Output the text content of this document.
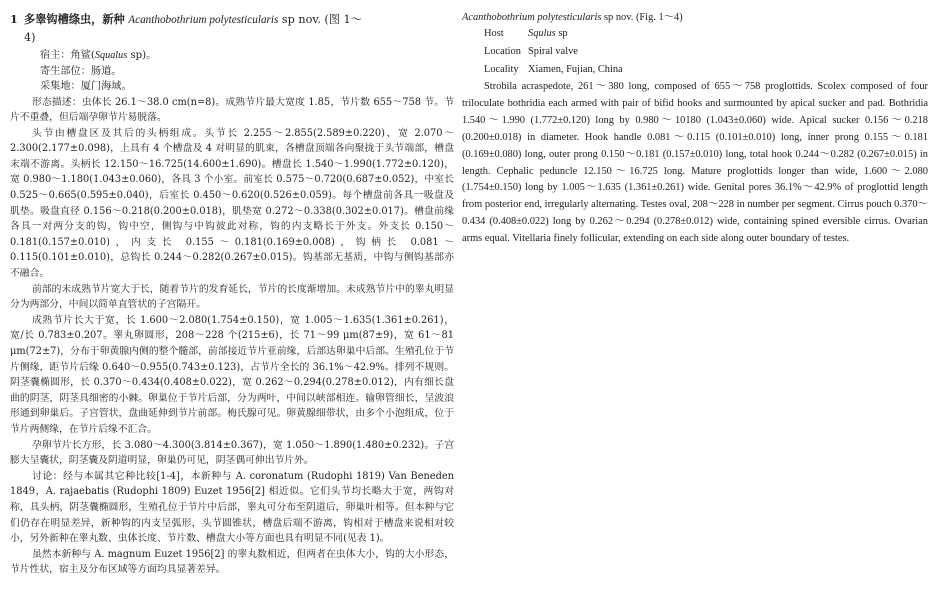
1 多睾钩槽绦虫，新种 Acanthobothrium polytesticularis sp nov. (图 1～
4)
宿主：角鲨(Squalus sp)。
寄生部位：肠道。
采集地：厦门海域。

形态描述：虫体长 26.1～38.0 cm(n=8)。成熟节片最大宽度 1.85，节片数 655～758 节。节片不重叠，但后端孕卵节片易脱落。

头节由槽盘区及其后的头柄组成。头节长 2.255～2.855(2.589±0.220)，宽 2.070～2.300(2.177±0.098)，上具有 4 个槽盘及 4 对明显的肌束，各槽盘顶端各向聚拢于头节端部，槽盘末端不游离。头柄长 12.150～16.725(14.600±1.690)。槽盘长 1.540～1.990(1.772±0.120)，宽 0.980～1.180(1.043±0.060)，各具 3 个小室。前室长 0.575～0.720(0.687±0.052)，中室长 0.525～0.665(0.595±0.040)，后室长 0.450～0.620(0.526±0.059)。每个槽盘前各具一吸盘及肌垫。吸盘直径 0.156～0.218(0.200±0.018)，肌垫宽 0.272～0.338(0.302±0.017)。槽盘前缘各具一对两分支的钩，钩中空，侧钩与中钩彼此对称，钩的内支略长于外支。外支长 0.150～0.181(0.157±0.010)，内支长 0.155～0.181(0.169±0.008)，钩柄长 0.081～0.115(0.101±0.010)，总钩长 0.244～0.282(0.267±0.015)。钩基部无基质，中钩与侧钩基部亦不融合。

前部的未成熟节片宽大于长，随着节片的发育延长，节片的长度渐增加。未成熟节片中的睾丸明显分为两部分，中间以简单直管状的子宫隔开。

成熟节片长大于宽，长 1.600～2.080(1.754±0.150)，宽 1.005～1.635(1.361±0.261)，宽/长 0.783±0.207。睾丸卵圆形，208～228 个(215±6)，长 71～99 μm(87±9)，宽 61～81 μm(72±7)，分布于卵黄腺内侧的整个髓部，前部接近节片亚前缘，后部达卵巢中后部。生殖孔位于节片侧缘，距节片后缘 0.640～0.955(0.743±0.123)，占节片全长的 36.1%～42.9%。排列不规则。阴茎囊椭圆形，长 0.370～0.434(0.408±0.022)，宽 0.262～0.294(0.278±0.012)，内有细长盘曲的阴茎，阴茎具细密的小棘。卵巢位于节片后部，分为两叶，中间以峡部相连。输卵管细长，呈波浪形通到卵巢后。子宫管状，盘曲延伸到节片前部。梅氏腺可见。卵黄腺细带状，由多个小泡组成，位于节片两侧缘，在节片后缘不汇合。

孕卵节片长方形，长 3.080～4.300(3.814±0.367)，宽 1.050～1.890(1.480±0.232)。子宫膨大呈囊状，阴茎囊及阴道明显，卵巢仍可见，阴茎偶可伸出节片外。

讨论：经与本属其它种比较[1-4]，本新种与 A. coronatum (Rudophi 1819) Van Beneden 1849，A. rajaebatis (Rudophi 1809) Euzet 1956[2] 相近似。它们头节均长略大于宽，两钩对称，具头柄，阴茎囊椭圆形，生殖孔位于节片中后部，睾丸可分布至阴道后，卵巢叶相等。但本种与它们仍存在明显差异，新种钩的内支呈弧形，头节圆锥状，槽盘后端不游离，钩相对于槽盘来说相对较小，另外新种在睾丸数、虫体长度、节片数、槽盘大小等方面也具有明显不同(见表 1)。

虽然本新种与 A. magnum Euzet 1956[2] 的睾丸数相近，但两者在虫体大小，钩的大小形态，节片性状，宿主及分布区域等方面均具显著差异。

Acanthobothrium polytesticularis sp nov. (Fig. 1～4)
Host Squlus sp
Location Spiral valve
Locality Xiamen, Fujian, China

Strobila acraspedote, 261～380 long, composed of 655～758 proglottids. Scolex composed of four triloculate bothridia each armed with pair of bifid hooks and surmounted by apical sucker and pad. Bothridia 1.540～1.990 (1.772±0.120) long by 0.980～10180 (1.043±0.060) wide. Apical sucker 0.156～0.218 (0.200±0.018) in diameter. Hook handle 0.081～0.115 (0.101±0.010) long, inner prong 0.155～0.181 (0.169±0.080) long, outer prong 0.150～0.181 (0.157±0.010) long, total hook 0.244～0.282 (0.267±0.015) in length. Cephalic peduncle 12.150～16.725 long. Mature proglottids longer than wide, 1.600～2.080 (1.754±0.150) long by 1.005～1.635 (1.361±0.261) wide. Genital pores 36.1%～42.9% of proglottid length from posterior end, irregularly alternating. Testes oval, 208～228 in number per segment. Cirrus pouch 0.370～0.434 (0.408±0.022) long by 0.262～0.294 (0.278±0.012) wide, containing spined eversible cirrus. Ovarian arms equal. Vitellaria finely follicular, extending on each side along outer boundary of testes.
